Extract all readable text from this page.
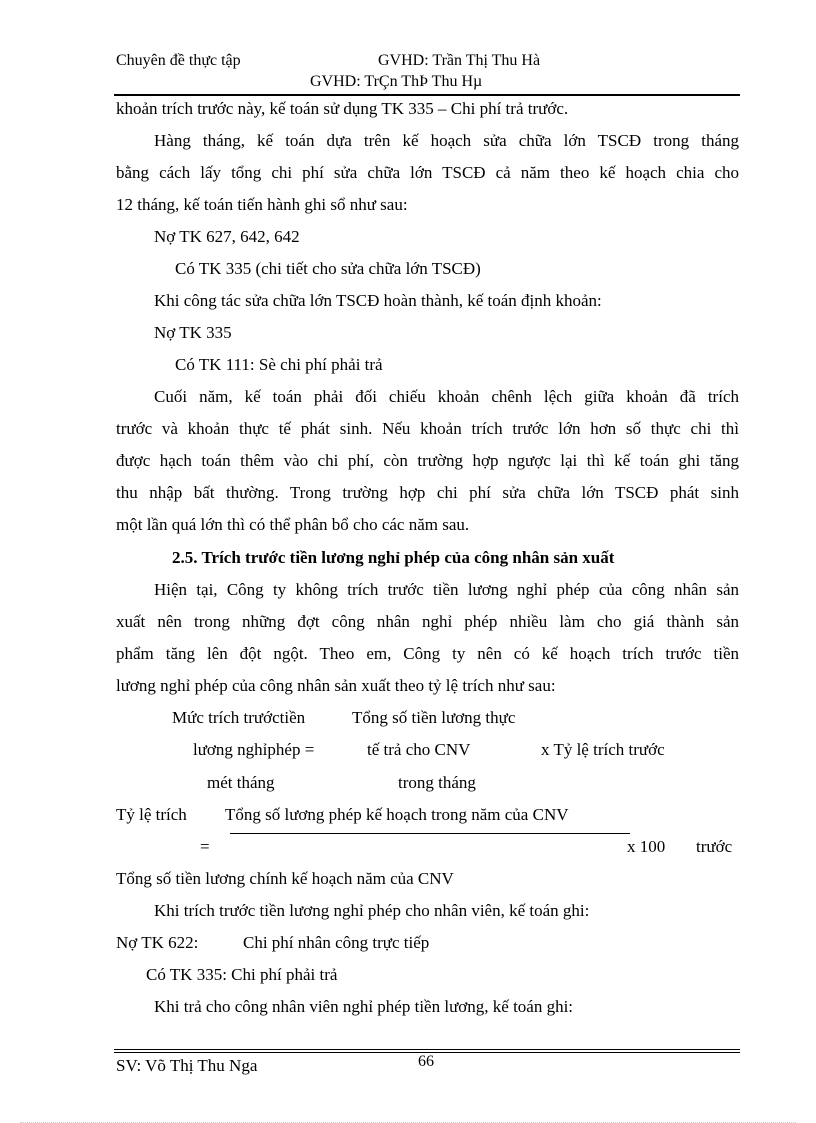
Chuyên đề thực tập	GVHD: Trần Thị Thu Hà
GVHD: TrÇn ThÞ Thu Hµ
khoản trích trước này, kế toán sử dụng TK 335 – Chi phí trả trước.
Hàng tháng, kế toán dựa trên kế hoạch sửa chữa lớn TSCĐ trong tháng
bằng cách lấy tổng chi phí sửa chữa lớn TSCĐ cả năm theo kế hoạch chia cho
12 tháng, kế toán tiến hành ghi sổ như sau:
Nợ TK 627, 642, 642
Có TK 335 (chi tiết cho sửa chữa lớn TSCĐ)
Khi công tác sửa chữa lớn TSCĐ hoàn thành, kế toán định khoản:
Nợ TK 335
Có TK 111: Sè chi phí phải trả
Cuối năm, kế toán phải đối chiếu khoản chênh lệch giữa khoản đã trích
trước và khoản thực tế phát sinh. Nếu khoản trích trước lớn hơn số thực chi thì
được hạch toán thêm vào chi phí, còn trường hợp ngược lại thì kế toán ghi tăng
thu nhập bất thường. Trong trường hợp chi phí sửa chữa lớn TSCĐ phát sinh
một lần quá lớn thì có thể phân bổ cho các năm sau.
2.5. Trích trước tiền lương nghỉ phép của công nhân sản xuất
Hiện tại, Công ty không trích trước tiền lương nghỉ phép của công nhân sản
xuất nên trong những đợt công nhân nghỉ phép nhiều làm cho giá thành sản
phẩm tăng lên đột ngột. Theo em, Công ty nên có kế hoạch trích trước tiền
lương nghỉ phép của công nhân sản xuất theo tỷ lệ trích như sau:
Mức trích trướctiền	Tổng số tiền lương thực
lương nghỉphép =	tế trả cho CNV	x Tỷ lệ trích trước
mét tháng	trong tháng
Tỷ lệ trích Tổng số lương phép kế hoạch trong năm của CNV
=	x 100 trước
Tổng số tiền lương chính kế hoạch năm của CNV
Khi trích trước tiền lương nghỉ phép cho nhân viên, kế toán ghi:
Nợ TK 622:	Chi phí nhân công trực tiếp
Có TK 335: Chi phí phải trả
Khi trả cho công nhân viên nghỉ phép tiền lương, kế toán ghi:
SV: Võ Thị Thu Nga	66
